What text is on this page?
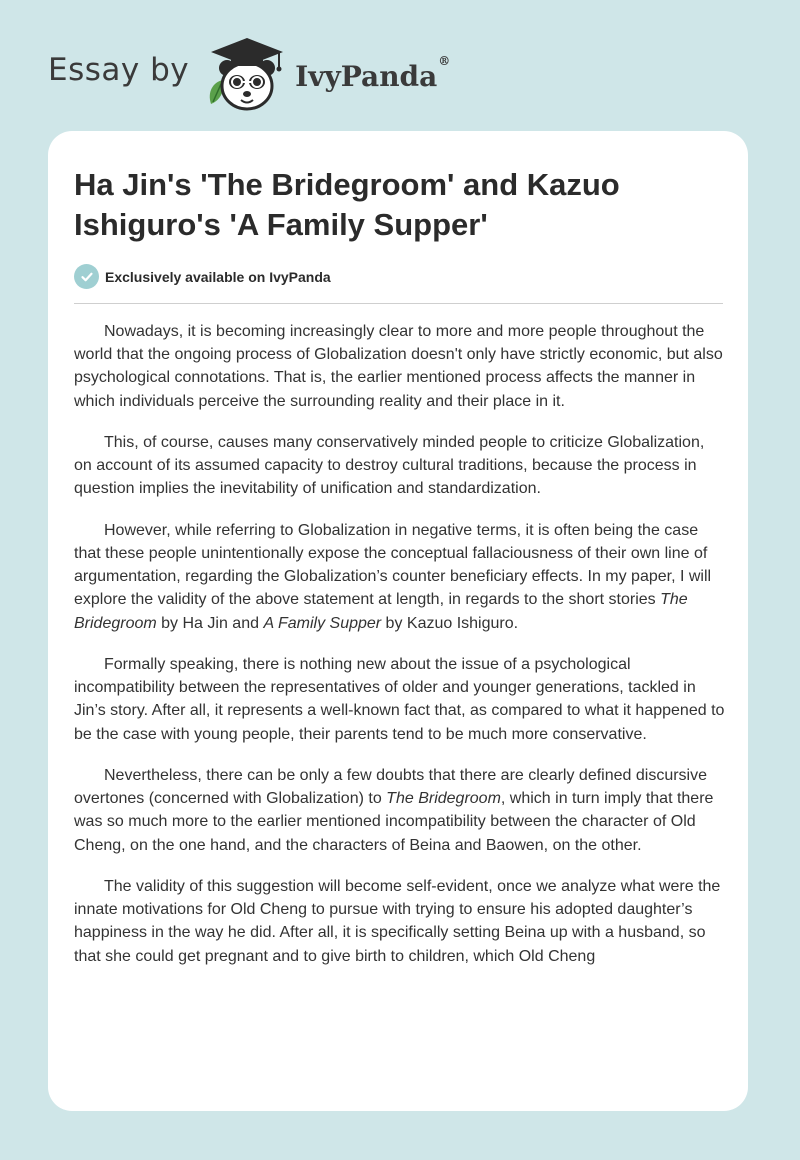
Essay by	IvyPanda®
Ha Jin's 'The Bridegroom' and Kazuo Ishiguro's 'A Family Supper'
Exclusively available on IvyPanda

Nowadays, it is becoming increasingly clear to more and more people throughout the world that the ongoing process of Globalization doesn't only have strictly economic, but also psychological connotations. That is, the earlier mentioned process affects the manner in which individuals perceive the surrounding reality and their place in it.

This, of course, causes many conservatively minded people to criticize Globalization, on account of its assumed capacity to destroy cultural traditions, because the process in question implies the inevitability of unification and standardization.

However, while referring to Globalization in negative terms, it is often being the case that these people unintentionally expose the conceptual fallaciousness of their own line of argumentation, regarding the Globalization’s counter beneficiary effects. In my paper, I will explore the validity of the above statement at length, in regards to the short stories The Bridegroom by Ha Jin and A Family Supper by Kazuo Ishiguro.

Formally speaking, there is nothing new about the issue of a psychological incompatibility between the representatives of older and younger generations, tackled in Jin’s story. After all, it represents a well-known fact that, as compared to what it happened to be the case with young people, their parents tend to be much more conservative.

Nevertheless, there can be only a few doubts that there are clearly defined discursive overtones (concerned with Globalization) to The Bridegroom, which in turn imply that there was so much more to the earlier mentioned incompatibility between the character of Old Cheng, on the one hand, and the characters of Beina and Baowen, on the other.

The validity of this suggestion will become self-evident, once we analyze what were the innate motivations for Old Cheng to pursue with trying to ensure his adopted daughter’s happiness in the way he did. After all, it is specifically setting Beina up with a husband, so that she could get pregnant and to give birth to children, which Old Cheng
